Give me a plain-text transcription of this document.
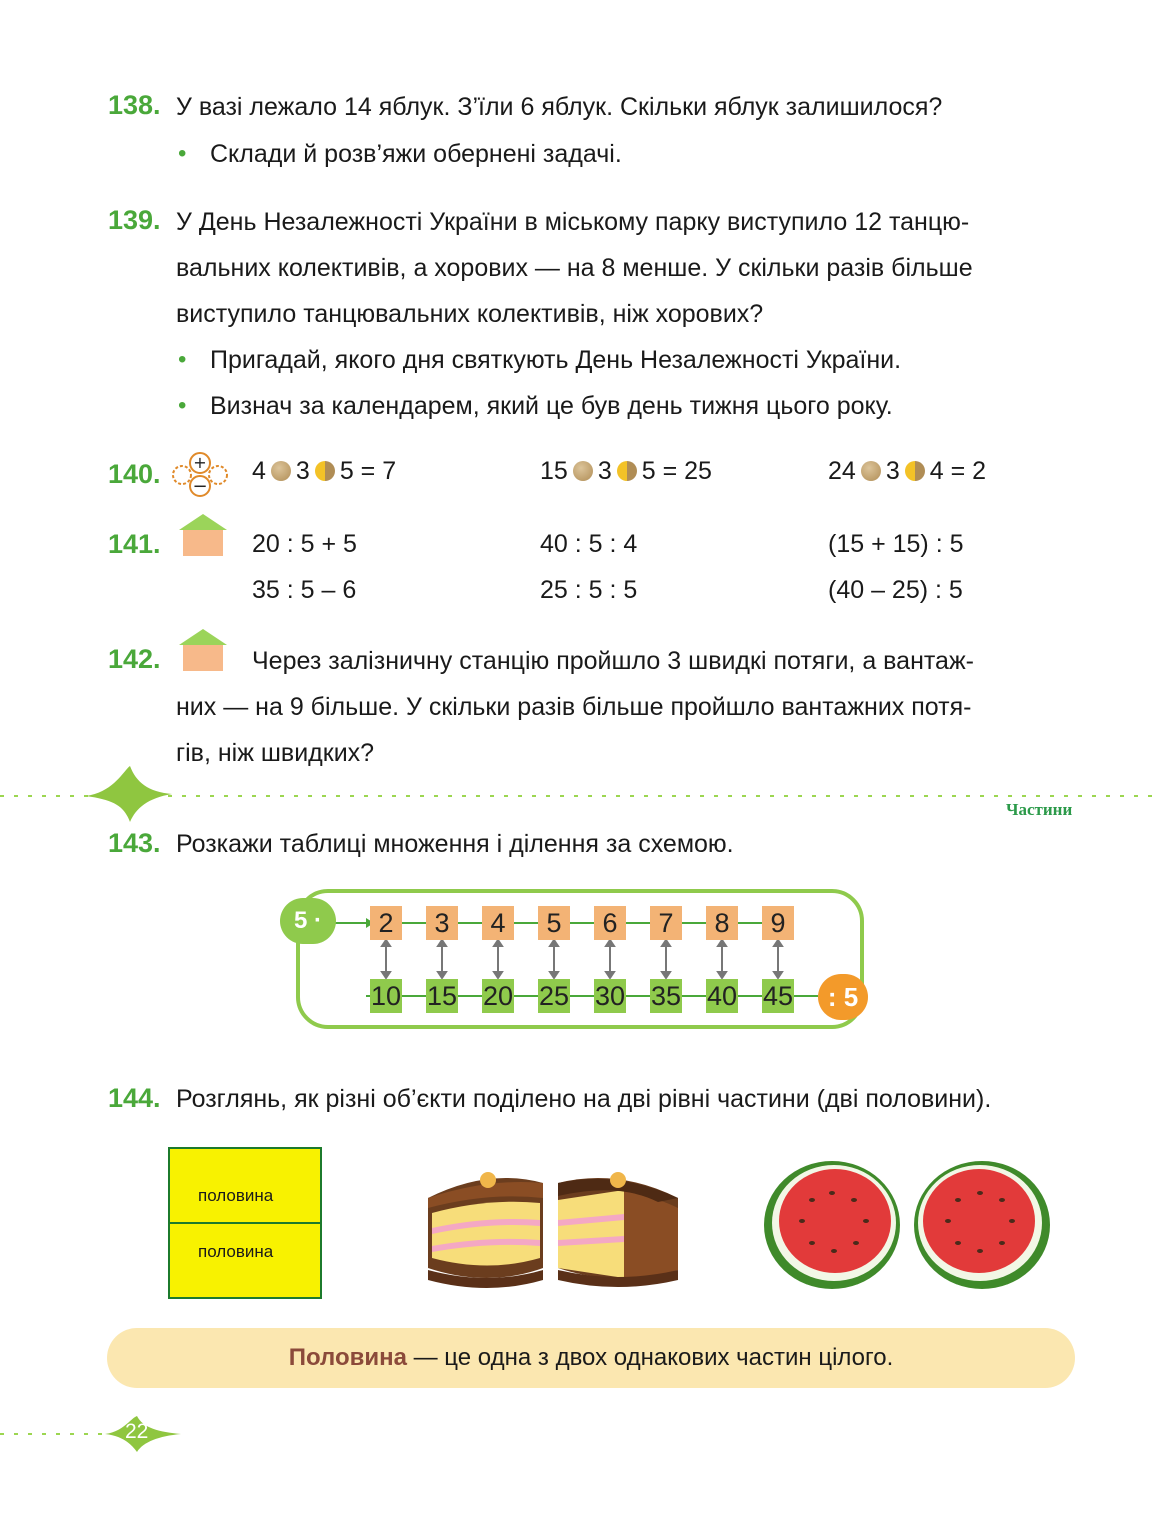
138. У вазі лежало 14 яблук. З’їли 6 яблук. Скільки яблук залишилося?
• Склади й розв’яжи обернені задачі.
139. У День Незалежності України в міському парку виступило 12 танцю-
вальних колективів, а хорових — на 8 менше. У скільки разів більше
виступило танцювальних колективів, ніж хорових?
• Пригадай, якого дня святкують День Незалежності України.
• Визнач за календарем, який це був день тижня цього року.
140. +
−
4 3 5 = 7	15 3 5 = 25	24 3 4 = 2
141.	20 : 5 + 5	40 : 5 : 4	(15 + 15) : 5
35 : 5 – 6	25 : 5 : 5	(40 – 25) : 5
142.	Через залізничну станцію пройшло 3 швидкі потяги, а вантаж-
них — на 9 більше. У скільки разів більше пройшло вантажних потя-
гів, ніж швидких?
Частини
143. Розкажи таблиці множення і ділення за схемою.
5 ·
: 5
2	3	4	5	6	7	8	9
10 15 20 25 30 35 40 45
144. Розглянь, як різні об’єкти поділено на дві рівні частини (дві половини).
половина
половина
Половина — це одна з двох однакових частин цілого.
22
